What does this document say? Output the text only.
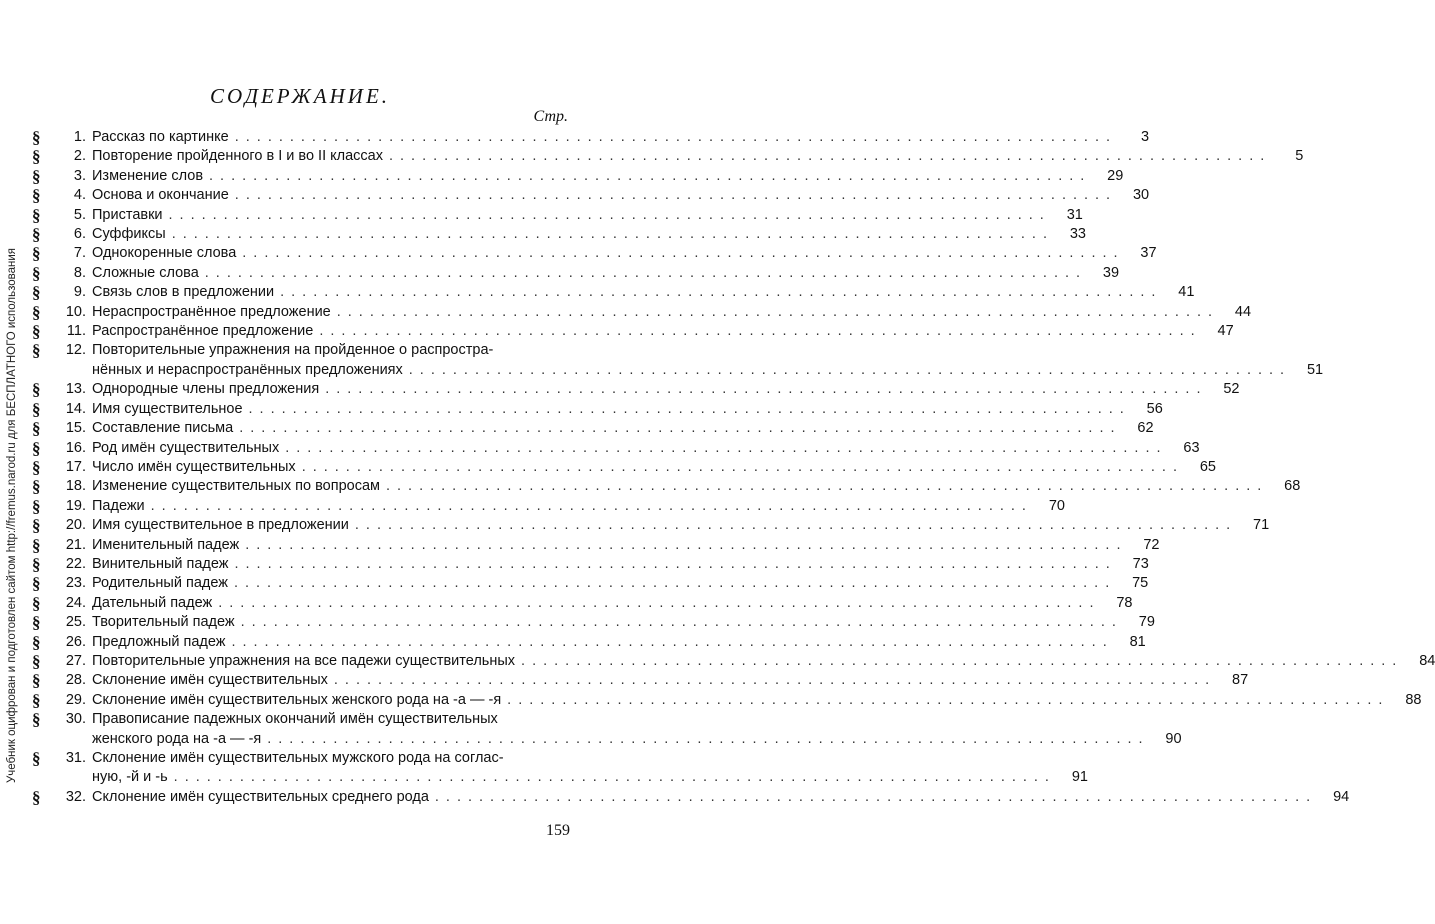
Учебник оцифрован и подготовлен сайтом http://fremus.narod.ru для БЕСПЛАТНОГО использования
СОДЕРЖАНИЕ.
Стр.
§	1. Рассказ по картинке ................................................................................	3
§	2. Повторение пройденного в I и во II классах ................................................................................	5
§	3. Изменение слов ................................................................................	29
§	4. Основа и окончание ................................................................................	30
§	5. Приставки ................................................................................	31
§	6. Суффиксы ................................................................................	33
§	7. Однокоренные слова ................................................................................	37
§	8. Сложные слова ................................................................................	39
§	9. Связь слов в предложении ................................................................................	41
§	10. Нераспространённое предложение ................................................................................	44
§	11. Распространённое предложение ................................................................................	47
§	12. Повторительные упражнения на пройденное о распростра-
нённых и нераспространённых предложениях ................................................................................	51
§	13. Однородные члены предложения ................................................................................	52
§	14. Имя существительное ................................................................................	56
§	15. Составление письма ................................................................................	62
§	16. Род имён существительных ................................................................................	63
§	17. Число имён существительных ................................................................................	65
§	18. Изменение существительных по вопросам ................................................................................	68
§	19. Падежи ................................................................................	70
§	20. Имя существительное в предложении ................................................................................	71
§	21. Именительный падеж ................................................................................	72
§	22. Винительный падеж ................................................................................	73
§	23. Родительный падеж ................................................................................	75
§	24. Дательный падеж ................................................................................	78
§	25. Творительный падеж ................................................................................	79
§	26. Предложный падеж ................................................................................	81
§	27. Повторительные упражнения на все падежи существительных ................................................................................	84
§	28. Склонение имён существительных ................................................................................	87
§	29. Склонение имён существительных женского рода на -а — -я ................................................................................	88
§	30. Правописание падежных окончаний имён существительных
женского рода на -а — -я ................................................................................	90
§	31. Склонение имён существительных мужского рода на соглас-
ную, -й и -ь ................................................................................	91
§	32. Склонение имён существительных среднего рода ................................................................................	94
159
